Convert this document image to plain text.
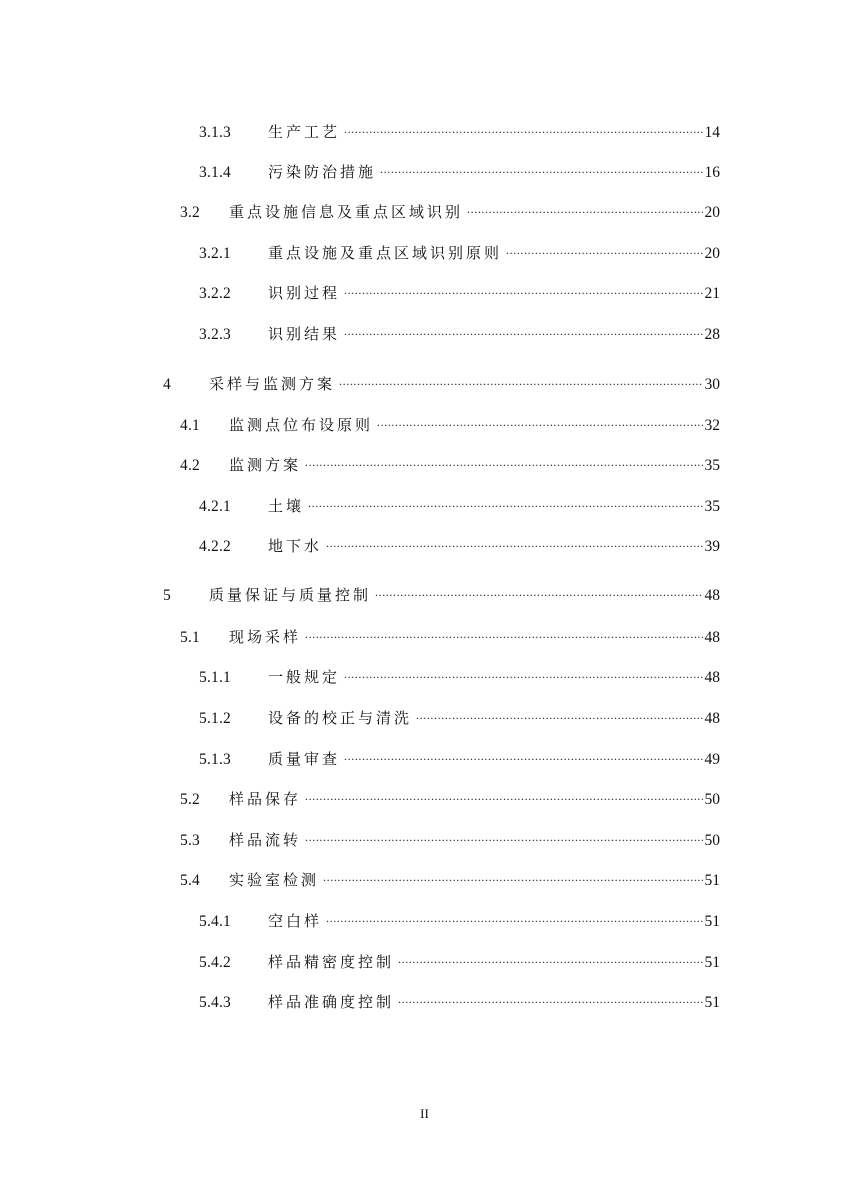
3.1.3	生产工艺 .....	14
3.1.4	污染防治措施 .....	16
3.2	重点设施信息及重点区域识别 .....	20
3.2.1	重点设施及重点区域识别原则 .....	20
3.2.2	识别过程 .....	21
3.2.3	识别结果 .....	28
4	采样与监测方案 .....	30
4.1	监测点位布设原则 .....	32
4.2	监测方案 .....	35
4.2.1	土壤 .....	35
4.2.2	地下水 .....	39
5	质量保证与质量控制 .....	48
5.1	现场采样 .....	48
5.1.1	一般规定 .....	48
5.1.2	设备的校正与清洗 .....	48
5.1.3	质量审查 .....	49
5.2	样品保存 .....	50
5.3	样品流转 .....	50
5.4	实验室检测 .....	51
5.4.1	空白样 .....	51
5.4.2	样品精密度控制 .....	51
5.4.3	样品准确度控制 .....	51
II
